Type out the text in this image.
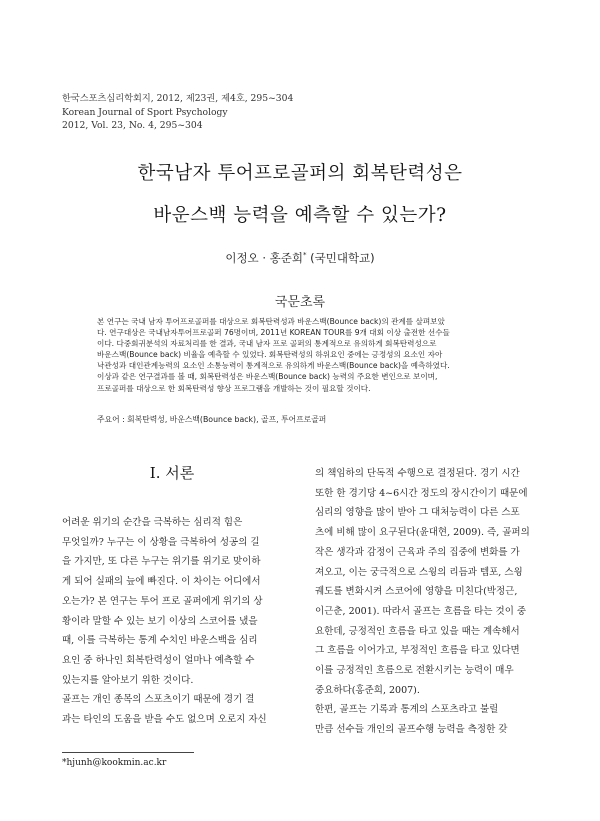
한국스포츠심리학회지, 2012, 제23권, 제4호, 295~304
Korean Journal of Sport Psychology
2012, Vol. 23, No. 4, 295~304
한국남자 투어프로골퍼의 회복탄력성은
바운스백 능력을 예측할 수 있는가?
이정오 · 홍준희* (국민대학교)
국문초록
본 연구는 국내 남자 투어프로골퍼를 대상으로 회복탄력성과 바운스백(Bounce back)의 관계를 살펴보았
다. 연구대상은 국내남자투어프로골퍼 76명이며, 2011년 KOREAN TOUR를 9개 대회 이상 출전한 선수들
이다. 다중회귀분석의 자료처리를 한 결과, 국내 남자 프로 골퍼의 통계적으로 유의하게 회복탄력성으로
바운스백(Bounce back) 비율을 예측할 수 있었다. 회복탄력성의 하위요인 중에는 긍정성의 요소인 자아
낙관성과 대인관계능력의 요소인 소통능력이 통계적으로 유의하게 바운스백(Bounce back)을 예측하였다.
이상과 같은 연구결과를 볼 때, 회복탄력성은 바운스백(Bounce back) 능력의 주요한 변인으로 보이며,
프로골퍼를 대상으로 한 회복탄력성 향상 프로그램을 개발하는 것이 필요할 것이다.
주요어 : 회복탄력성, 바운스백(Bounce back), 골프, 투어프로골퍼
I. 서론
어려운 위기의 순간을 극복하는 심리적 힘은
무엇일까? 누구는 이 상황을 극복하여 성공의 길
을 가지만, 또 다른 누구는 위기를 위기로 맞이하
게 되어 실패의 늪에 빠진다. 이 차이는 어디에서
오는가? 본 연구는 투어 프로 골퍼에게 위기의 상
황이라 말할 수 있는 보기 이상의 스코어를 냈을
때, 이를 극복하는 통계 수치인 바운스백을 심리
요인 중 하나인 회복탄력성이 얼마나 예측할 수
있는지를 알아보기 위한 것이다.
골프는 개인 종목의 스포츠이기 때문에 경기 결
과는 타인의 도움을 받을 수도 없으며 오로지 자신
의 책임하의 단독적 수행으로 결정된다. 경기 시간
또한 한 경기당 4~6시간 정도의 장시간이기 때문에
심리의 영향을 많이 받아 그 대처능력이 다른 스포
츠에 비해 많이 요구된다(윤대현, 2009). 즉, 골퍼의
작은 생각과 감정이 근육과 주의 집중에 변화를 가
져오고, 이는 궁극적으로 스윙의 리듬과 템포, 스윙
궤도를 변화시켜 스코어에 영향을 미친다(박정근,
이근춘, 2001). 따라서 골프는 흐름을 타는 것이 중
요한데, 긍정적인 흐름을 타고 있을 때는 계속해서
그 흐름을 이어가고, 부정적인 흐름을 타고 있다면
이를 긍정적인 흐름으로 전환시키는 능력이 매우
중요하다(홍준희, 2007).
한편, 골프는 기록과 통계의 스포츠라고 불릴
만큼 선수들 개인의 골프수행 능력을 측정한 갖
*hjunh@kookmin.ac.kr
